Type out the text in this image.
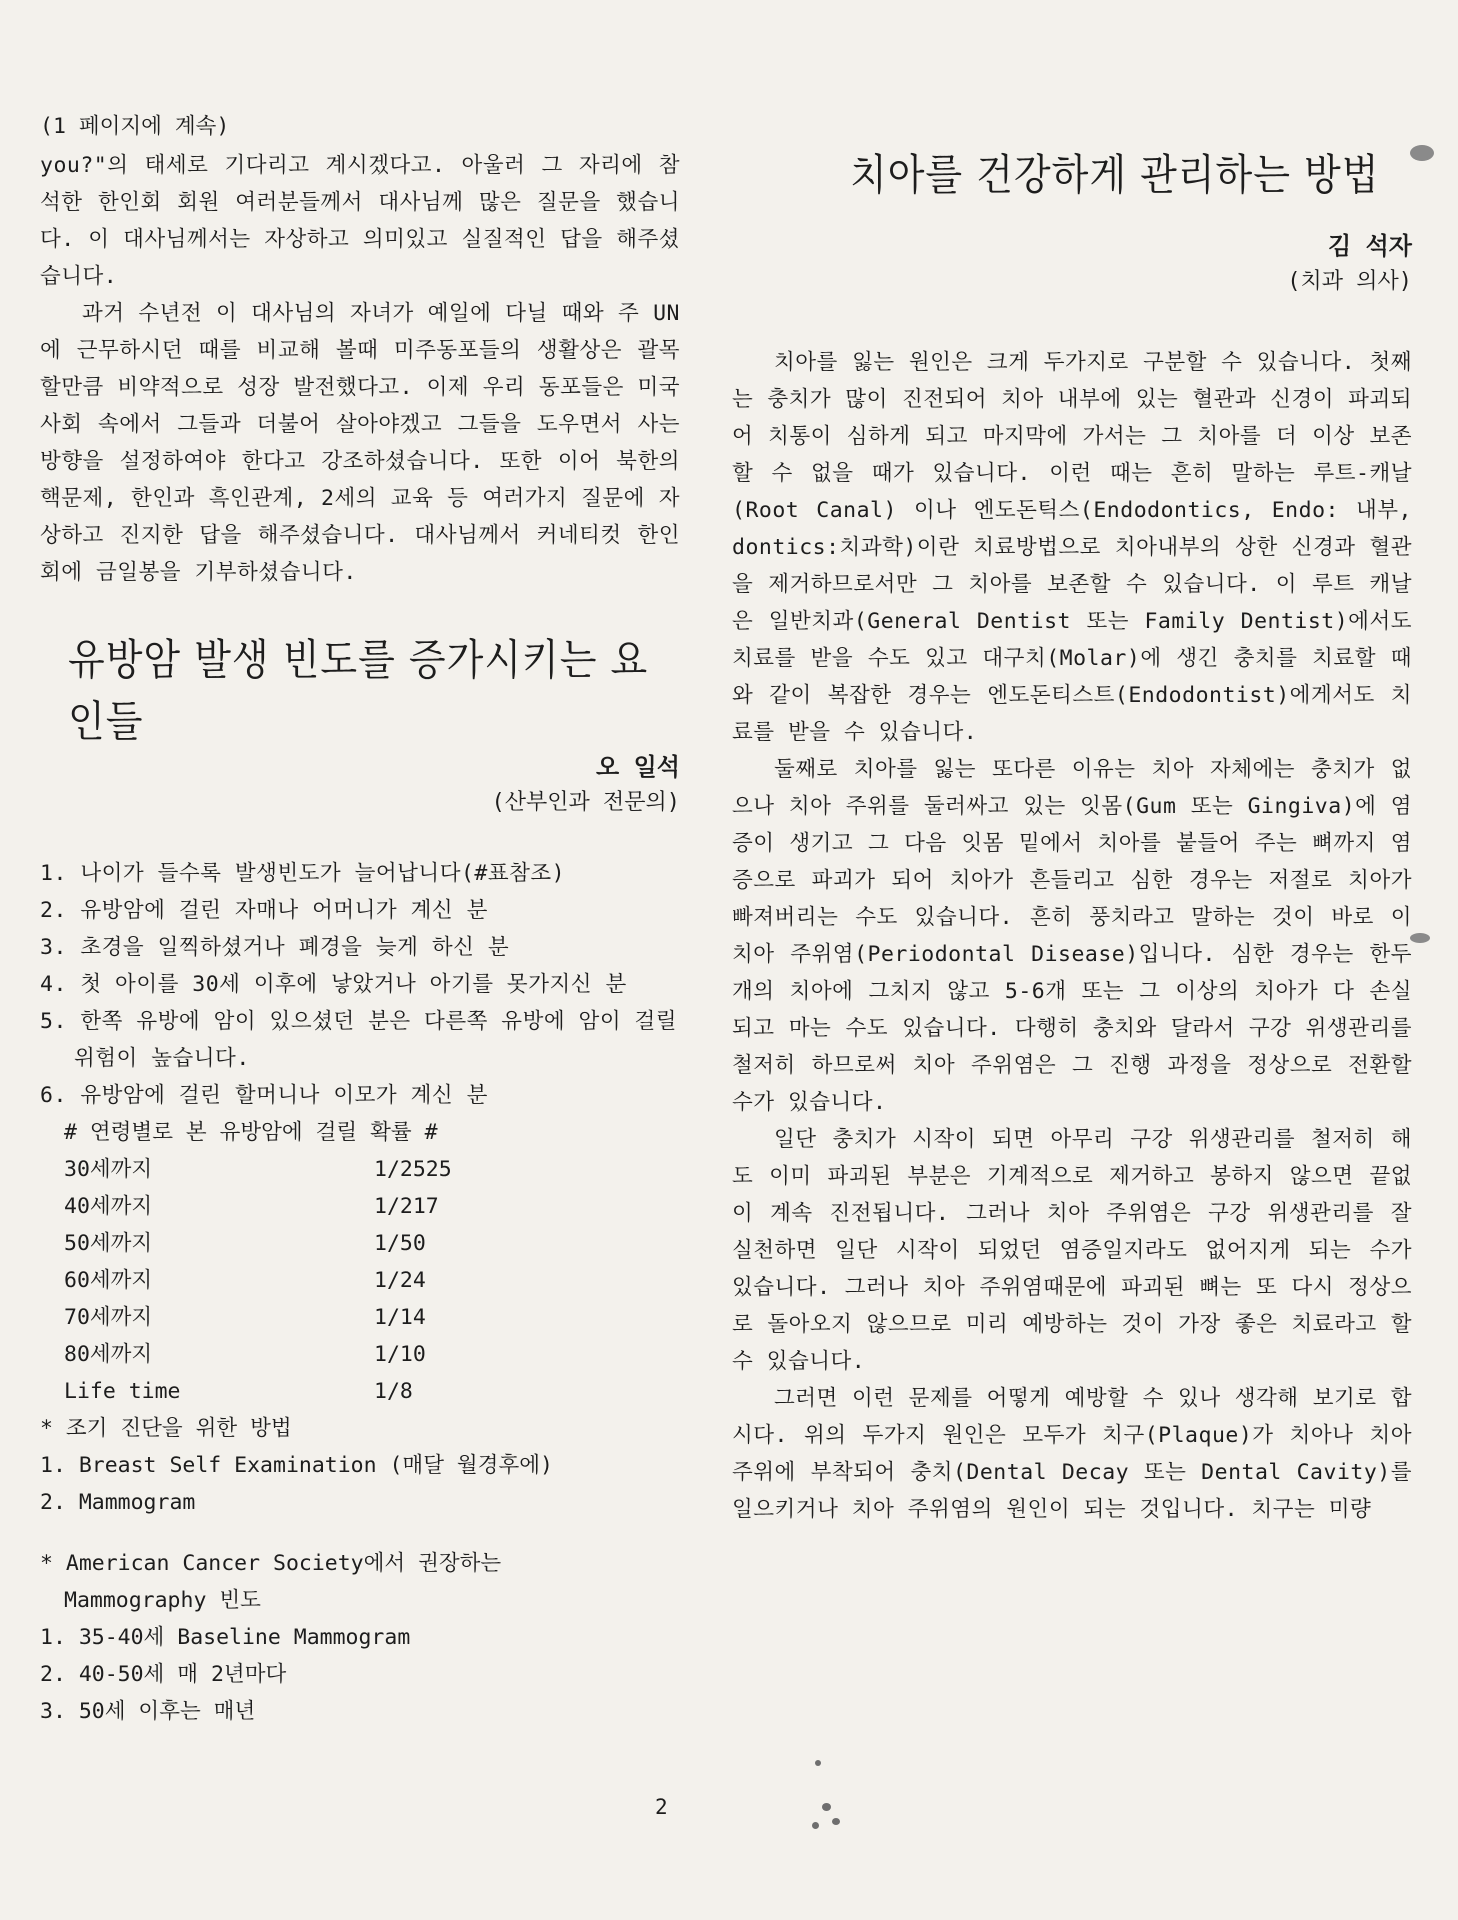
(1 페이지에 계속)

you?"의 태세로 기다리고 계시겠다고. 아울러 그 자리에 참석한 한인회 회원 여러분들께서 대사님께 많은 질문을 했습니다. 이 대사님께서는 자상하고 의미있고 실질적인 답을 해주셨습니다.

과거 수년전 이 대사님의 자녀가 예일에 다닐 때와 주 UN에 근무하시던 때를 비교해 볼때 미주동포들의 생활상은 괄목할만큼 비약적으로 성장 발전했다고. 이제 우리 동포들은 미국 사회 속에서 그들과 더불어 살아야겠고 그들을 도우면서 사는 방향을 설정하여야 한다고 강조하셨습니다. 또한 이어 북한의 핵문제, 한인과 흑인관계, 2세의 교육 등 여러가지 질문에 자상하고 진지한 답을 해주셨습니다. 대사님께서 커네티컷 한인회에 금일봉을 기부하셨습니다.

유방암 발생 빈도를 증가시키는 요인들

오 일석

(산부인과 전문의)

1. 나이가 들수록 발생빈도가 늘어납니다(#표참조)
2. 유방암에 걸린 자매나 어머니가 계신 분
3. 초경을 일찍하셨거나 폐경을 늦게 하신 분
4. 첫 아이를 30세 이후에 낳았거나 아기를 못가지신 분
5. 한쪽 유방에 암이 있으셨던 분은 다른쪽 유방에 암이 걸릴 위험이 높습니다.
6. 유방암에 걸린 할머니나 이모가 계신 분
# 연령별로 본 유방암에 걸릴 확률 #
30세까지	1/2525
40세까지	1/217
50세까지	1/50
60세까지	1/24
70세까지	1/14
80세까지	1/10
Life time	1/8

* 조기 진단을 위한 방법

1. Breast Self Examination (매달 월경후에)

2. Mammogram

* American Cancer Society에서 권장하는

Mammography 빈도

1. 35-40세 Baseline Mammogram

2. 40-50세 매 2년마다

3. 50세 이후는 매년

치아를 건강하게 관리하는 방법

김 석자

(치과 의사)

치아를 잃는 원인은 크게 두가지로 구분할 수 있습니다. 첫째는 충치가 많이 진전되어 치아 내부에 있는 혈관과 신경이 파괴되어 치통이 심하게 되고 마지막에 가서는 그 치아를 더 이상 보존할 수 없을 때가 있습니다. 이런 때는 흔히 말하는 루트-캐날(Root Canal) 이나 엔도돈틱스(Endodontics, Endo: 내부, dontics:치과학)이란 치료방법으로 치아내부의 상한 신경과 혈관을 제거하므로서만 그 치아를 보존할 수 있습니다. 이 루트 캐날은 일반치과(General Dentist 또는 Family Dentist)에서도 치료를 받을 수도 있고 대구치(Molar)에 생긴 충치를 치료할 때와 같이 복잡한 경우는 엔도돈티스트(Endodontist)에게서도 치료를 받을 수 있습니다.

둘째로 치아를 잃는 또다른 이유는 치아 자체에는 충치가 없으나 치아 주위를 둘러싸고 있는 잇몸(Gum 또는 Gingiva)에 염증이 생기고 그 다음 잇몸 밑에서 치아를 붙들어 주는 뼈까지 염증으로 파괴가 되어 치아가 흔들리고 심한 경우는 저절로 치아가 빠져버리는 수도 있습니다. 흔히 풍치라고 말하는 것이 바로 이 치아 주위염(Periodontal Disease)입니다. 심한 경우는 한두개의 치아에 그치지 않고 5-6개 또는 그 이상의 치아가 다 손실되고 마는 수도 있습니다. 다행히 충치와 달라서 구강 위생관리를 철저히 하므로써 치아 주위염은 그 진행 과정을 정상으로 전환할 수가 있습니다.

일단 충치가 시작이 되면 아무리 구강 위생관리를 철저히 해도 이미 파괴된 부분은 기계적으로 제거하고 봉하지 않으면 끝없이 계속 진전됩니다. 그러나 치아 주위염은 구강 위생관리를 잘 실천하면 일단 시작이 되었던 염증일지라도 없어지게 되는 수가 있습니다. 그러나 치아 주위염때문에 파괴된 뼈는 또 다시 정상으로 돌아오지 않으므로 미리 예방하는 것이 가장 좋은 치료라고 할 수 있습니다.

그러면 이런 문제를 어떻게 예방할 수 있나 생각해 보기로 합시다. 위의 두가지 원인은 모두가 치구(Plaque)가 치아나 치아주위에 부착되어 충치(Dental Decay 또는 Dental Cavity)를 일으키거나 치아 주위염의 원인이 되는 것입니다. 치구는 미량

2
